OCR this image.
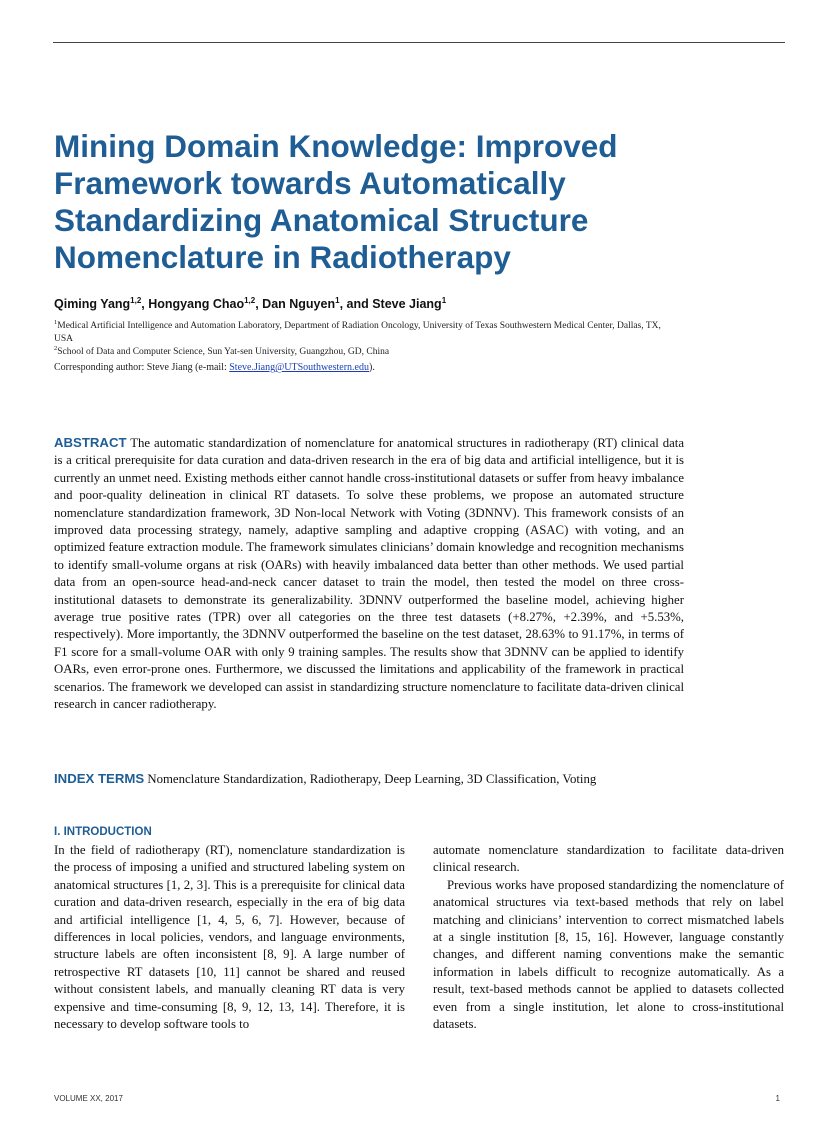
Mining Domain Knowledge: Improved
Framework towards Automatically
Standardizing Anatomical Structure
Nomenclature in Radiotherapy
Qiming Yang$^{1,2}$, Hongyang Chao$^{1,2}$, Dan Nguyen$^1$, and Steve Jiang$^1$
$^1$Medical Artificial Intelligence and Automation Laboratory, Department of Radiation Oncology, University of Texas Southwestern Medical Center, Dallas, TX, USA
$^2$School of Data and Computer Science, Sun Yat-sen University, Guangzhou, GD, China
Corresponding author: Steve Jiang (e-mail: Steve.Jiang@UTSouthwestern.edu).

ABSTRACT The automatic standardization of nomenclature for anatomical structures in radiotherapy (RT) clinical data is a critical prerequisite for data curation and data-driven research in the era of big data and artificial intelligence, but it is currently an unmet need. Existing methods either cannot handle cross-institutional datasets or suffer from heavy imbalance and poor-quality delineation in clinical RT datasets. To solve these problems, we propose an automated structure nomenclature standardization framework, 3D Non-local Network with Voting (3DNNV). This framework consists of an improved data processing strategy, namely, adaptive sampling and adaptive cropping (ASAC) with voting, and an optimized feature extraction module. The framework simulates clinicians’ domain knowledge and recognition mechanisms to identify small-volume organs at risk (OARs) with heavily imbalanced data better than other methods. We used partial data from an open-source head-and-neck cancer dataset to train the model, then tested the model on three cross-institutional datasets to demonstrate its generalizability. 3DNNV outperformed the baseline model, achieving higher average true positive rates (TPR) over all categories on the three test datasets (+8.27%, +2.39%, and +5.53%, respectively). More importantly, the 3DNNV outperformed the baseline on the test dataset, 28.63% to 91.17%, in terms of F1 score for a small-volume OAR with only 9 training samples. The results show that 3DNNV can be applied to identify OARs, even error-prone ones. Furthermore, we discussed the limitations and applicability of the framework in practical scenarios. The framework we developed can assist in standardizing structure nomenclature to facilitate data-driven clinical research in cancer radiotherapy.

INDEX TERMS Nomenclature Standardization, Radiotherapy, Deep Learning, 3D Classification, Voting

I. INTRODUCTION

In the field of radiotherapy (RT), nomenclature standardization is the process of imposing a unified and structured labeling system on anatomical structures [1, 2, 3]. This is a prerequisite for clinical data curation and data-driven research, especially in the era of big data and artificial intelligence [1, 4, 5, 6, 7]. However, because of differences in local policies, vendors, and language environments, structure labels are often inconsistent [8, 9]. A large number of retrospective RT datasets [10, 11] cannot be shared and reused without consistent labels, and manually cleaning RT data is very expensive and time-consuming [8, 9, 12, 13, 14]. Therefore, it is necessary to develop software tools to

automate nomenclature standardization to facilitate data-driven clinical research.

Previous works have proposed standardizing the nomenclature of anatomical structures via text-based methods that rely on label matching and clinicians’ intervention to correct mismatched labels at a single institution [8, 15, 16]. However, language constantly changes, and different naming conventions make the semantic information in labels difficult to recognize automatically. As a result, text-based methods cannot be applied to datasets collected even from a single institution, let alone to cross-institutional datasets.

VOLUME XX, 2017	1
